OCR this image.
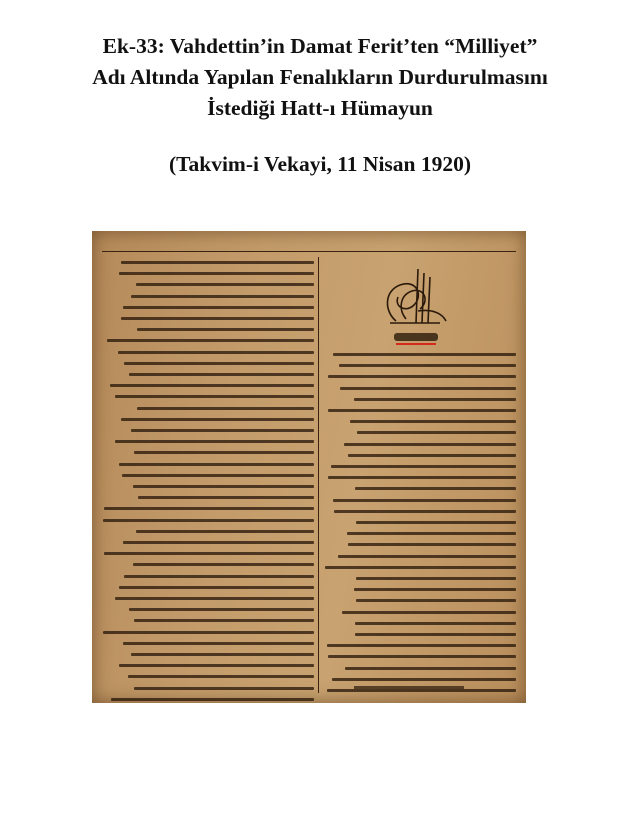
Ek-33: Vahdettin’in Damat Ferit’ten “Milliyet”
Adı Altında Yapılan Fenalıkların Durdurulmasını
İstediği Hatt-ı Hümayun
(Takvim-i Vekayi, 11 Nisan 1920)
